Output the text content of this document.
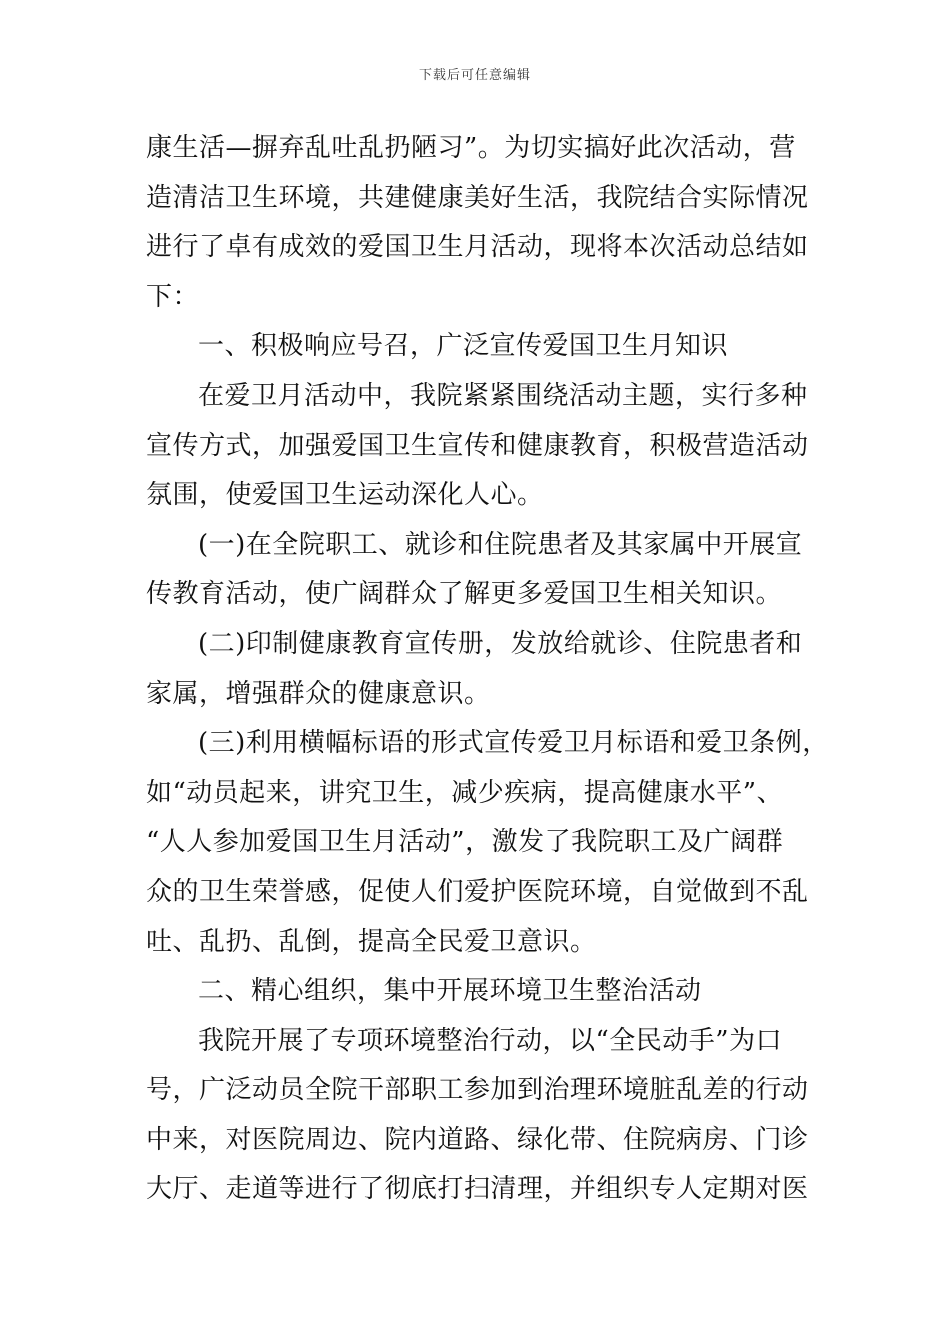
下载后可任意编辑
康生活—摒弃乱吐乱扔陋习”。为切实搞好此次活动，营
造清洁卫生环境，共建健康美好生活，我院结合实际情况
进行了卓有成效的爱国卫生月活动，现将本次活动总结如
下：
一、积极响应号召，广泛宣传爱国卫生月知识
在爱卫月活动中，我院紧紧围绕活动主题，实行多种
宣传方式，加强爱国卫生宣传和健康教育，积极营造活动
氛围，使爱国卫生运动深化人心。
(一)在全院职工、就诊和住院患者及其家属中开展宣
传教育活动，使广阔群众了解更多爱国卫生相关知识。
(二)印制健康教育宣传册，发放给就诊、住院患者和
家属，增强群众的健康意识。
(三)利用横幅标语的形式宣传爱卫月标语和爱卫条例，
如“动员起来，讲究卫生，减少疾病，提高健康水平”、
“人人参加爱国卫生月活动”，激发了我院职工及广阔群
众的卫生荣誉感，促使人们爱护医院环境，自觉做到不乱
吐、乱扔、乱倒，提高全民爱卫意识。
二、精心组织，集中开展环境卫生整治活动
我院开展了专项环境整治行动，以“全民动手”为口
号，广泛动员全院干部职工参加到治理环境脏乱差的行动
中来，对医院周边、院内道路、绿化带、住院病房、门诊
大厅、走道等进行了彻底打扫清理，并组织专人定期对医
